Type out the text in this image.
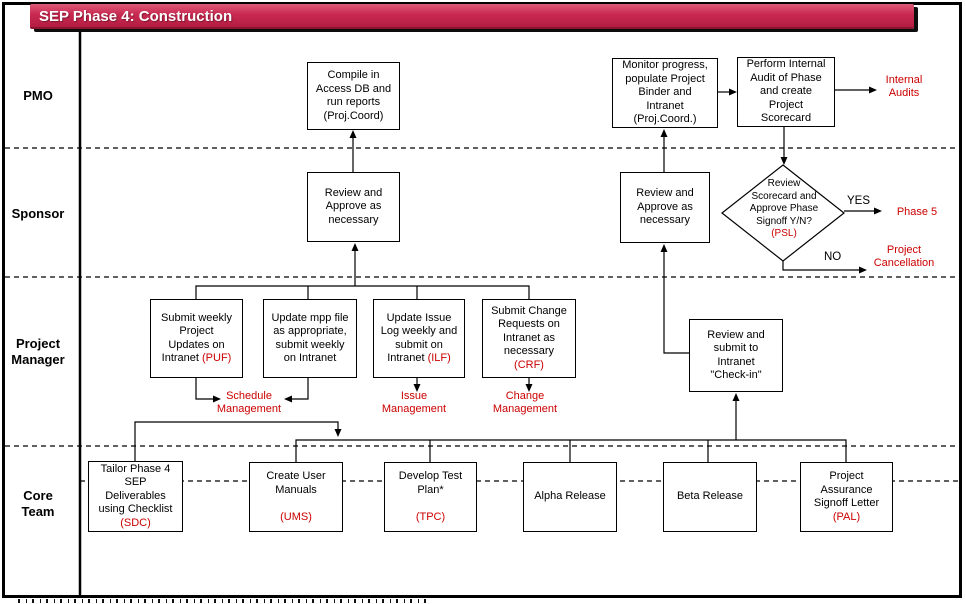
SEP Phase 4: Construction
PMO
Sponsor
Project
Manager
Core
Team
Compile in
Access DB and
run reports
(Proj.Coord)
Monitor progress,
populate Project
Binder and
Intranet
(Proj.Coord.)
Perform Internal
Audit of Phase
and create
Project
Scorecard
Review and
Approve as
necessary
Review and
Approve as
necessary
Review
Scorecard and
Approve Phase
Signoff Y/N?
(PSL)
Submit weekly
Project
Updates on
Intranet (PUF)
Update mpp file
as appropriate,
submit weekly
on Intranet
Update Issue
Log weekly and
submit on
Intranet (ILF)
Submit Change
Requests on
Intranet as
necessary
(CRF)
Review and
submit to
Intranet
"Check-in"
Schedule
Management
Issue
Management
Change
Management
Tailor Phase 4
SEP
Deliverables
using Checklist
(SDC)
Create User
Manuals

(UMS)
Develop Test
Plan*

(TPC)
Alpha Release	Beta Release
Project
Assurance
Signoff Letter
(PAL)
Internal
Audits
Phase 5
Project
Cancellation
YES
NO
